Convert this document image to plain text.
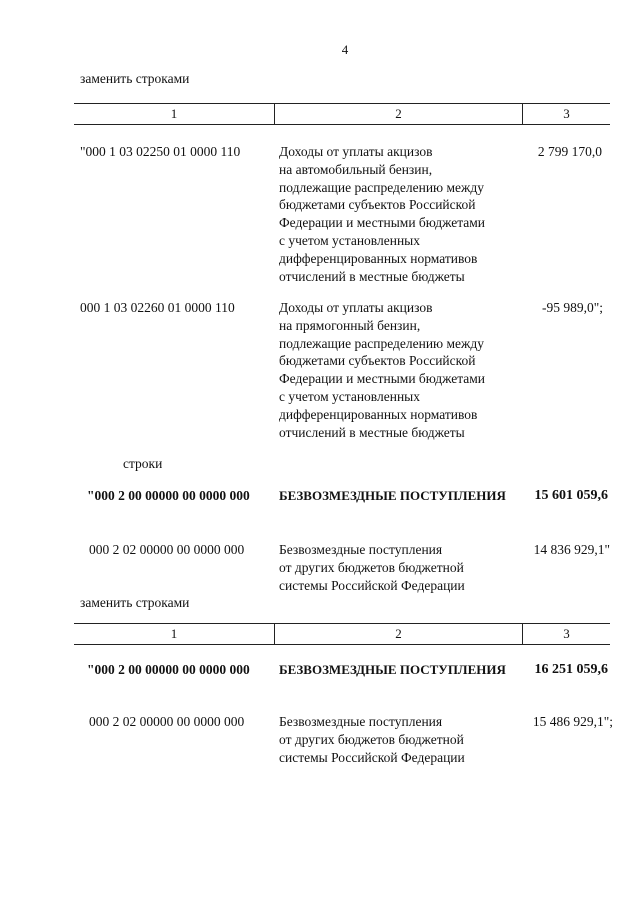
4
заменить строками
1	2	3
"000 1 03 02250 01 0000 110	Доходы от уплаты акцизов
на автомобильный бензин,
подлежащие распределению между
бюджетами субъектов Российской
Федерации и местными бюджетами
с учетом установленных
дифференцированных нормативов
отчислений в местные бюджеты
2 799 170,0
000 1 03 02260 01 0000 110	Доходы от уплаты акцизов
на прямогонный бензин,
подлежащие распределению между
бюджетами субъектов Российской
Федерации и местными бюджетами
с учетом установленных
дифференцированных нормативов
отчислений в местные бюджеты
-95 989,0";
строки
"000 2 00 00000 00 0000 000 БЕЗВОЗМЕЗДНЫЕ ПОСТУПЛЕНИЯ 15 601 059,6
000 2 02 00000 00 0000 000	Безвозмездные поступления
от других бюджетов бюджетной
системы Российской Федерации
14 836 929,1"
заменить строками
1	2	3
"000 2 00 00000 00 0000 000 БЕЗВОЗМЕЗДНЫЕ ПОСТУПЛЕНИЯ 16 251 059,6
000 2 02 00000 00 0000 000	Безвозмездные поступления
от других бюджетов бюджетной
системы Российской Федерации
15 486 929,1";
